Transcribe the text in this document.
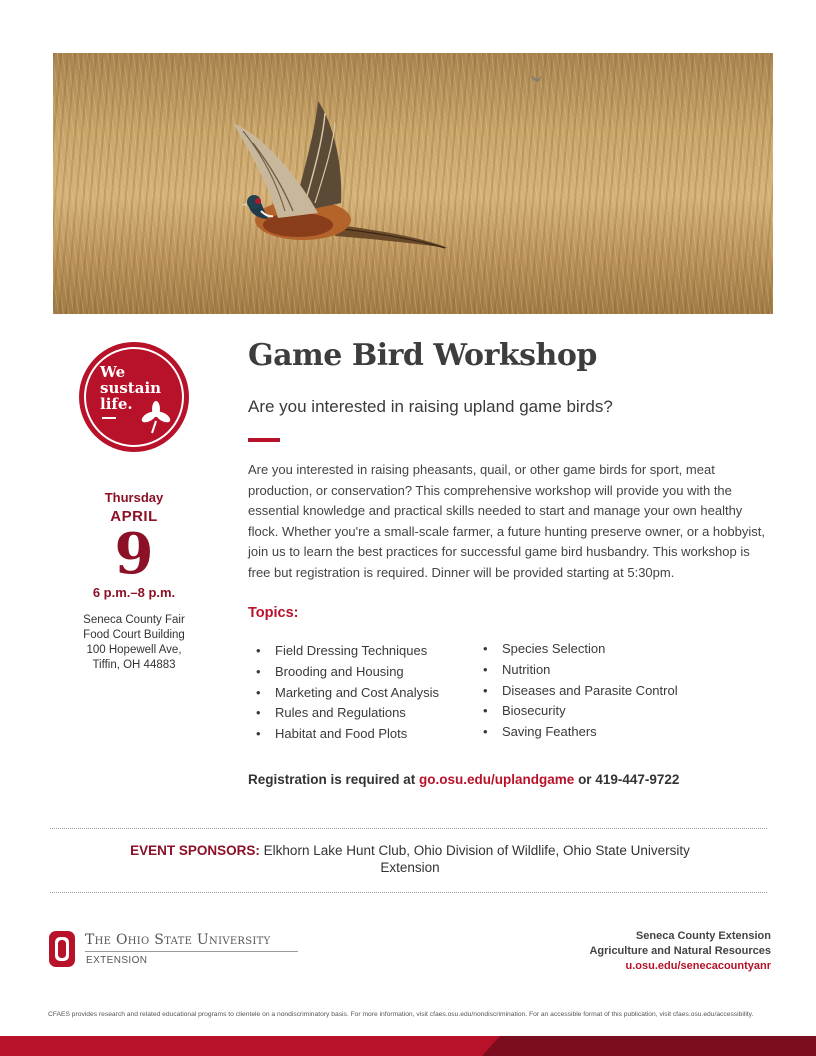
We
sustain
life.
Thursday
APRIL
9
6 p.m.–8 p.m.
Seneca County Fair
Food Court Building
100 Hopewell Ave,
Tiffin, OH 44883
Game Bird Workshop
Are you interested in raising upland game birds?
Are you interested in raising pheasants, quail, or other game birds for sport, meat production, or conservation? This comprehensive workshop will provide you with the essential knowledge and practical skills needed to start and manage your own healthy flock. Whether you're a small-scale farmer, a future hunting preserve owner, or a hobbyist, join us to learn the best practices for successful game bird husbandry. This workshop is free but registration is required. Dinner will be provided starting at 5:30pm.
Topics:
• Field Dressing Techniques
• Brooding and Housing
• Marketing and Cost Analysis
• Rules and Regulations
• Habitat and Food Plots
• Species Selection
• Nutrition
• Diseases and Parasite Control
• Biosecurity
• Saving Feathers
Registration is required at go.osu.edu/uplandgame or 419-447-9722
EVENT SPONSORS: Elkhorn Lake Hunt Club, Ohio Division of Wildlife, Ohio State University Extension
The Ohio State University
EXTENSION
Seneca County Extension
Agriculture and Natural Resources
u.osu.edu/senecacountyanr
CFAES provides research and related educational programs to clientele on a nondiscriminatory basis. For more information, visit cfaes.osu.edu/nondiscrimination. For an accessible format of this publication, visit cfaes.osu.edu/accessibility.
